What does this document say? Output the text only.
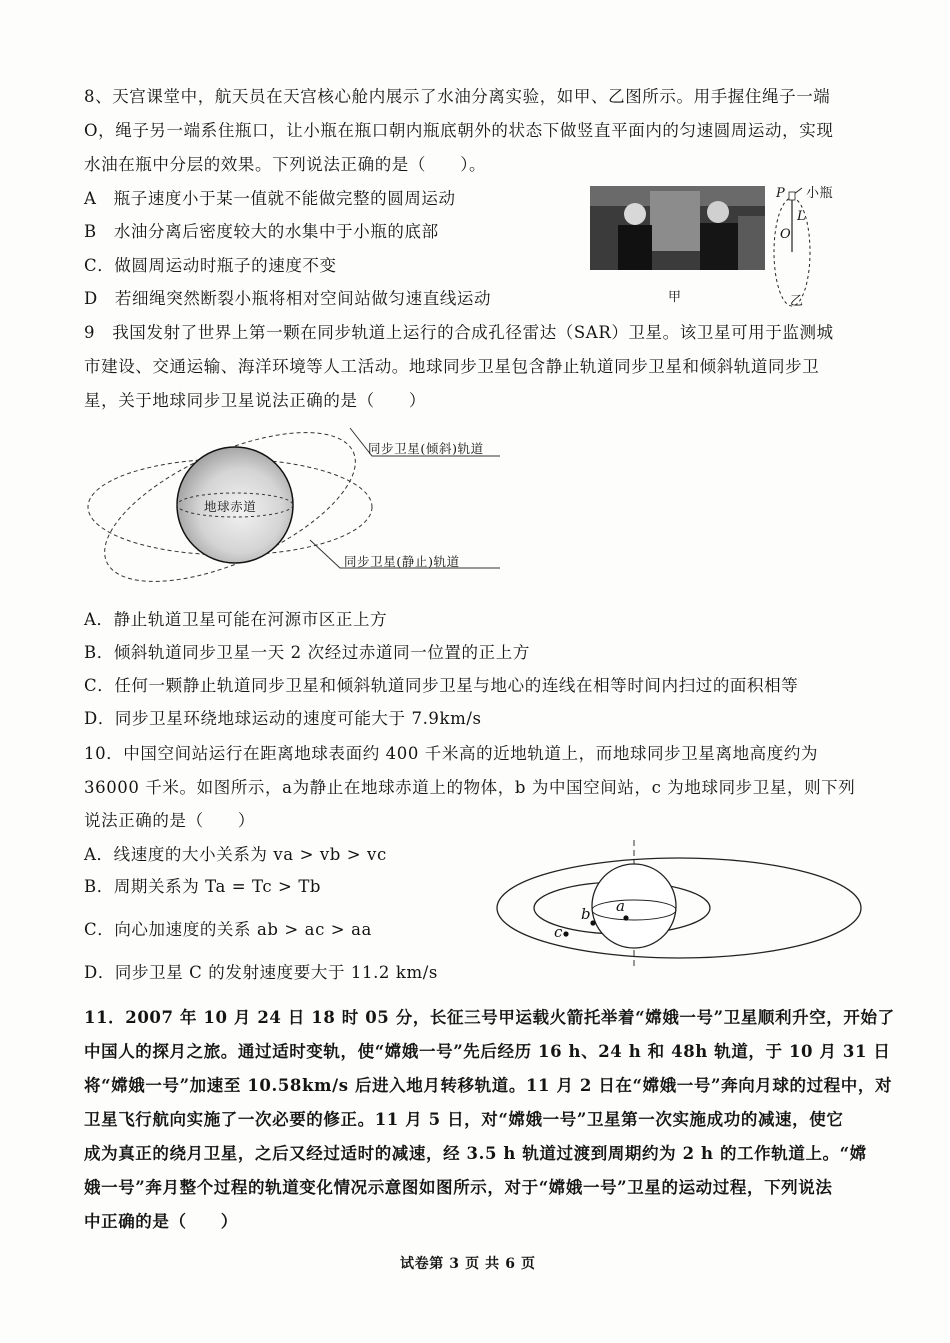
8、天宫课堂中，航天员在天宫核心舱内展示了水油分离实验，如甲、乙图所示。用手握住绳子一端
O，绳子另一端系住瓶口，让小瓶在瓶口朝内瓶底朝外的状态下做竖直平面内的匀速圆周运动，实现
水油在瓶中分层的效果。下列说法正确的是（　　）。
A　瓶子速度小于某一值就不能做完整的圆周运动
B　水油分离后密度较大的水集中于小瓶的底部
C．做圆周运动时瓶子的速度不变
D　若细绳突然断裂小瓶将相对空间站做匀速直线运动	甲
P 小瓶
O
L
乙
9　我国发射了世界上第一颗在同步轨道上运行的合成孔径雷达（SAR）卫星。该卫星可用于监测城
市建设、交通运输、海洋环境等人工活动。地球同步卫星包含静止轨道同步卫星和倾斜轨道同步卫
星，关于地球同步卫星说法正确的是（　　）
同步卫星(倾斜)轨道
地球赤道
同步卫星(静止)轨道
A．静止轨道卫星可能在河源市区正上方
B．倾斜轨道同步卫星一天 2 次经过赤道同一位置的正上方
C．任何一颗静止轨道同步卫星和倾斜轨道同步卫星与地心的连线在相等时间内扫过的面积相等
D．同步卫星环绕地球运动的速度可能大于 7.9km/s
10．中国空间站运行在距离地球表面约 400 千米高的近地轨道上，而地球同步卫星离地高度约为
36000 千米。如图所示，a为静止在地球赤道上的物体，b 为中国空间站，c 为地球同步卫星，则下列
说法正确的是（　　）
A．线速度的大小关系为 va > vb > vc
B．周期关系为 Ta = Tc > Tb
C．向心加速度的关系 ab > ac > aa
D．同步卫星 C 的发射速度要大于 11.2 km/s
a
b
c
11．2007 年 10 月 24 日 18 时 05 分，长征三号甲运载火箭托举着“嫦娥一号”卫星顺利升空，开始了
中国人的探月之旅。通过适时变轨，使“嫦娥一号”先后经历 16 h、24 h 和 48h 轨道，于 10 月 31 日
将“嫦娥一号”加速至 10.58km/s 后进入地月转移轨道。11 月 2 日在“嫦娥一号”奔向月球的过程中，对
卫星飞行航向实施了一次必要的修正。11 月 5 日，对“嫦娥一号”卫星第一次实施成功的减速，使它
成为真正的绕月卫星，之后又经过适时的减速，经 3.5 h 轨道过渡到周期约为 2 h 的工作轨道上。“嫦
娥一号”奔月整个过程的轨道变化情况示意图如图所示，对于“嫦娥一号”卫星的运动过程，下列说法
中正确的是（　　）
试卷第 3 页 共 6 页
